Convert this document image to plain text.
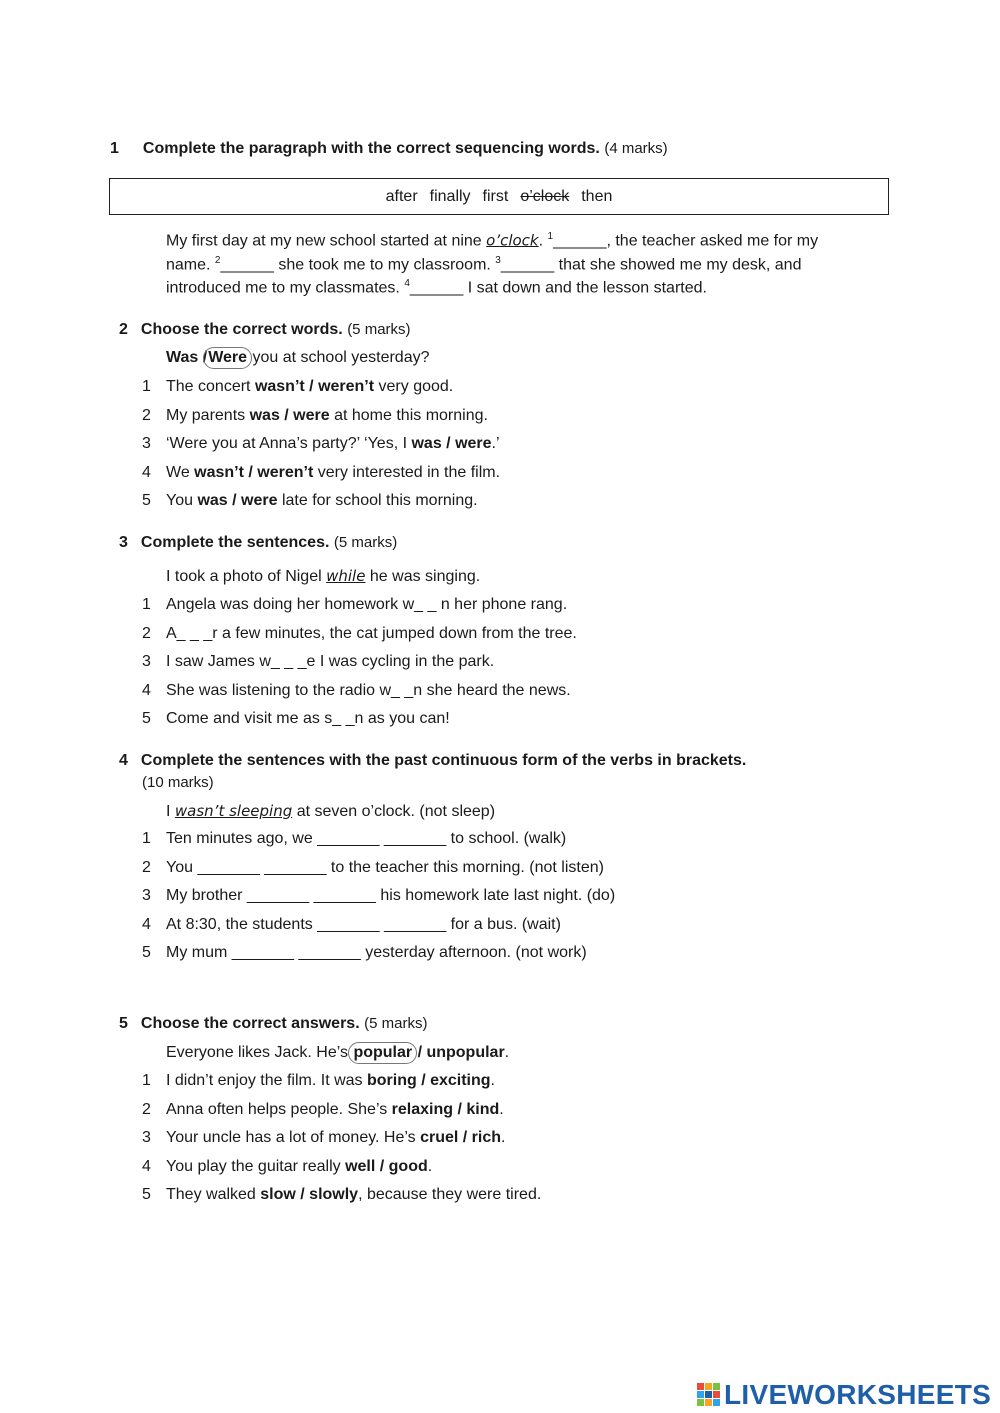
1 Complete the paragraph with the correct sequencing words. (4 marks)
after finally first o’clock then
My first day at my new school started at nine o’clock. $^1$______, the teacher asked me for my
name. $^2$______ she took me to my classroom. $^3$______ that she showed me my desk, and
introduced me to my classmates. $^4$______ I sat down and the lesson started.
2 Choose the correct words. (5 marks)
Was /Were you at school yesterday?
1 The concert wasn’t / weren’t very good.
2 My parents was / were at home this morning.
3 ‘Were you at Anna’s party?’ ‘Yes, I was / were.’
4 We wasn’t / weren’t very interested in the film.
5 You was / were late for school this morning.
3 Complete the sentences. (5 marks)
I took a photo of Nigel while he was singing.
1 Angela was doing her homework w_ _ n her phone rang.
2 A_ _ _r a few minutes, the cat jumped down from the tree.
3 I saw James w_ _ _e I was cycling in the park.
4 She was listening to the radio w_ _n she heard the news.
5 Come and visit me as s_ _n as you can!
4 Complete the sentences with the past continuous form of the verbs in brackets.
(10 marks)
I wasn’t sleeping at seven o’clock. (not sleep)
1 Ten minutes ago, we _______ _______ to school. (walk)
2 You _______ _______ to the teacher this morning. (not listen)
3 My brother _______ _______ his homework late last night. (do)
4 At 8:30, the students _______ _______ for a bus. (wait)
5 My mum _______ _______ yesterday afternoon. (not work)
5 Choose the correct answers. (5 marks)
Everyone likes Jack. He’s popular / unpopular.
1 I didn’t enjoy the film. It was boring / exciting.
2 Anna often helps people. She’s relaxing / kind.
3 Your uncle has a lot of money. He’s cruel / rich.
4 You play the guitar really well / good.
5 They walked slow / slowly, because they were tired.
LIVEWORKSHEETS
